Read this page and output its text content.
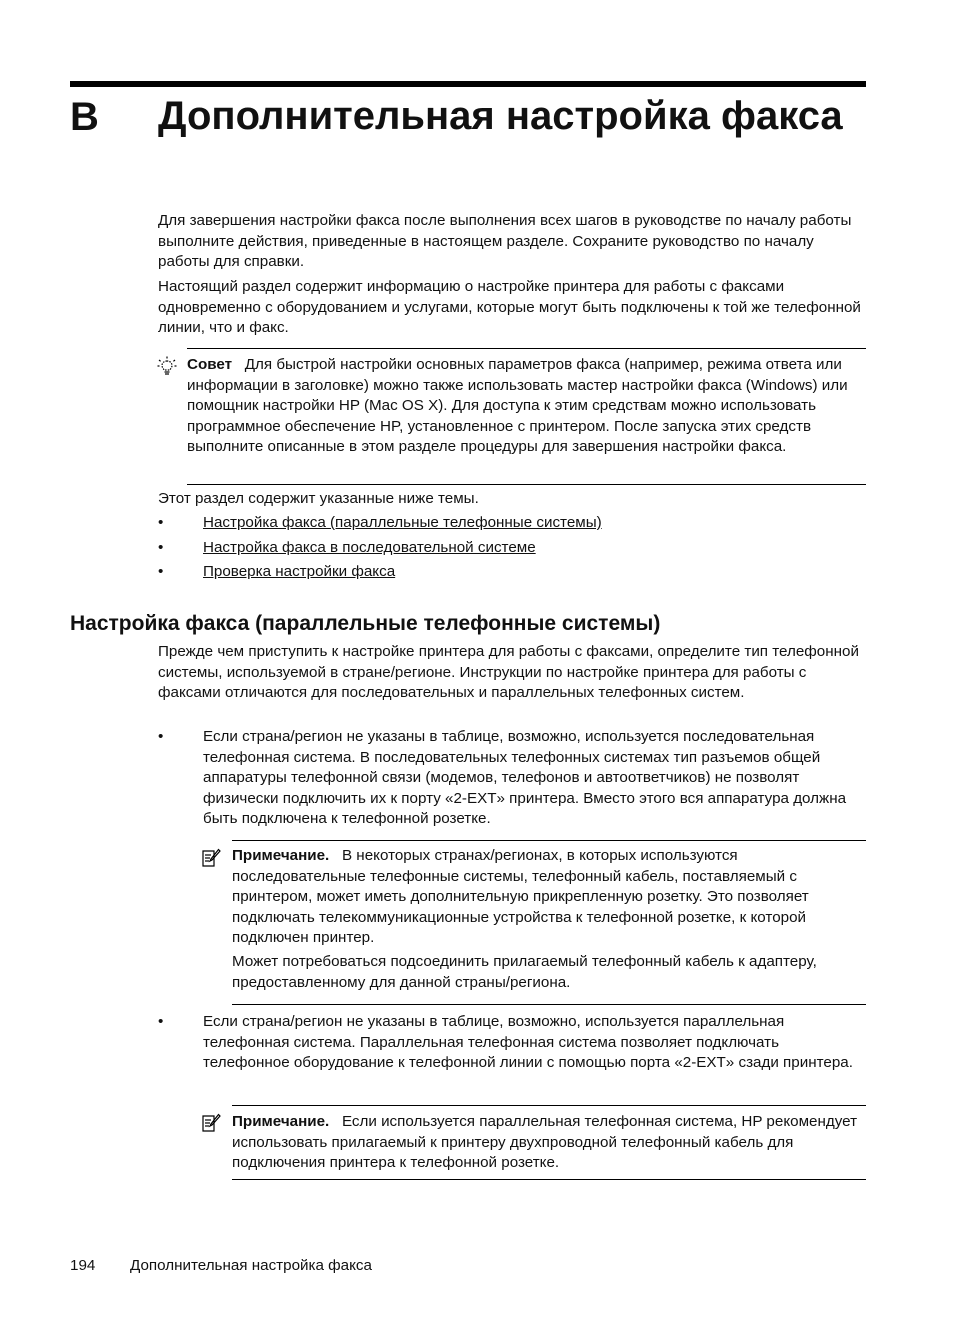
B Дополнительная настройка факса
Для завершения настройки факса после выполнения всех шагов в руководстве по началу работы выполните действия, приведенные в настоящем разделе. Сохраните руководство по началу работы для справки.
Настоящий раздел содержит информацию о настройке принтера для работы с факсами одновременно с оборудованием и услугами, которые могут быть подключены к той же телефонной линии, что и факс.
Совет Для быстрой настройки основных параметров факса (например, режима ответа или информации в заголовке) можно также использовать мастер настройки факса (Windows) или помощник настройки HP (Mac OS X). Для доступа к этим средствам можно использовать программное обеспечение HP, установленное с принтером. После запуска этих средств выполните описанные в этом разделе процедуры для завершения настройки факса.
Этот раздел содержит указанные ниже темы.
•	Настройка факса (параллельные телефонные системы)
•	Настройка факса в последовательной системе
•	Проверка настройки факса
Настройка факса (параллельные телефонные системы)
Прежде чем приступить к настройке принтера для работы с факсами, определите тип телефонной системы, используемой в стране/регионе. Инструкции по настройке принтера для работы с факсами отличаются для последовательных и параллельных телефонных систем.
•	Если страна/регион не указаны в таблице, возможно, используется последовательная телефонная система. В последовательных телефонных системах тип разъемов общей аппаратуры телефонной связи (модемов, телефонов и автоответчиков) не позволят физически подключить их к порту «2-EXT» принтера. Вместо этого вся аппаратура должна быть подключена к телефонной розетке.
Примечание. В некоторых странах/регионах, в которых используются последовательные телефонные системы, телефонный кабель, поставляемый с принтером, может иметь дополнительную прикрепленную розетку. Это позволяет подключать телекоммуникационные устройства к телефонной розетке, к которой подключен принтер.
Может потребоваться подсоединить прилагаемый телефонный кабель к адаптеру, предоставленному для данной страны/региона.
•	Если страна/регион не указаны в таблице, возможно, используется параллельная телефонная система. Параллельная телефонная система позволяет подключать телефонное оборудование к телефонной линии с помощью порта «2-EXT» сзади принтера.
Примечание. Если используется параллельная телефонная система, HP рекомендует использовать прилагаемый к принтеру двухпроводной телефонный кабель для подключения принтера к телефонной розетке.
194 Дополнительная настройка факса
